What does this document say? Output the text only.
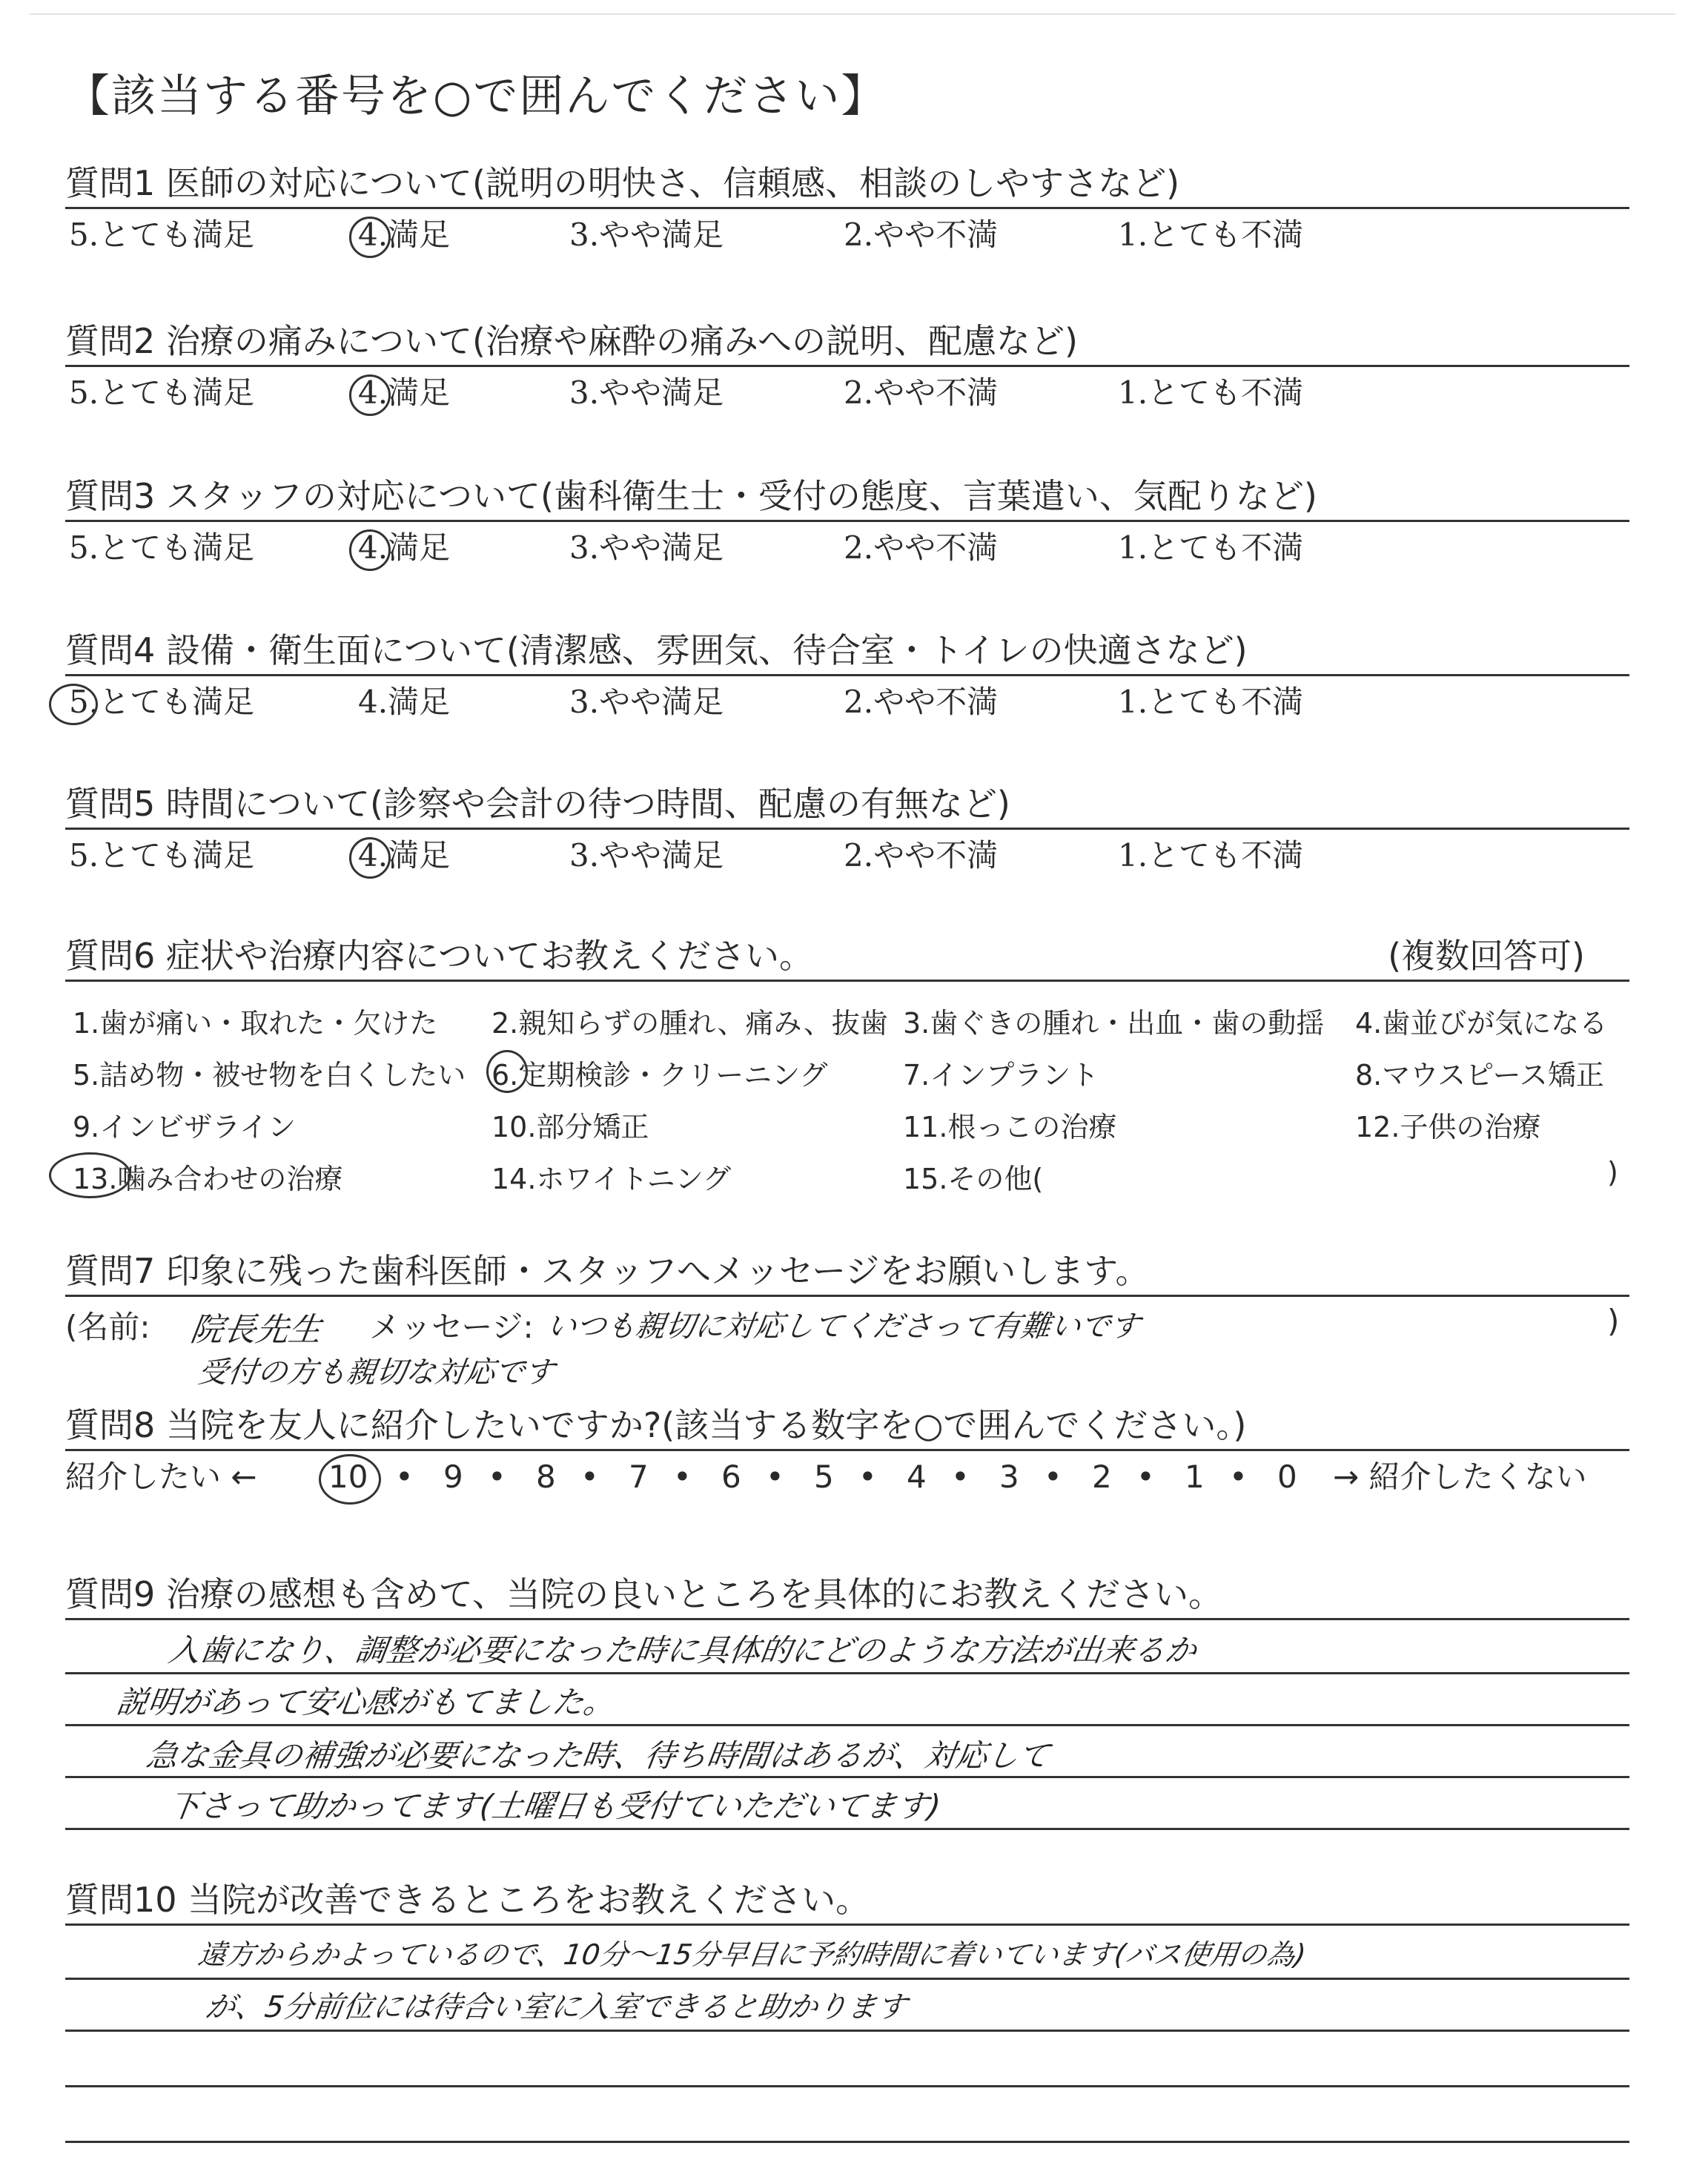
【該当する番号を○で囲んでください】
質問1 医師の対応について(説明の明快さ、信頼感、相談のしやすさなど)
5.とても満足	4.満足	3.やや満足	2.やや不満	1.とても不満
質問2 治療の痛みについて(治療や麻酔の痛みへの説明、配慮など)
5.とても満足	4.満足	3.やや満足	2.やや不満	1.とても不満
質問3 スタッフの対応について(歯科衛生士・受付の態度、言葉遣い、気配りなど)
5.とても満足	4.満足	3.やや満足	2.やや不満	1.とても不満
質問4 設備・衛生面について(清潔感、雰囲気、待合室・トイレの快適さなど)
5.とても満足	4.満足	3.やや満足	2.やや不満	1.とても不満
質問5 時間について(診察や会計の待つ時間、配慮の有無など)
5.とても満足	4.満足	3.やや満足	2.やや不満	1.とても不満
質問6 症状や治療内容についてお教えください。	(複数回答可)
1.歯が痛い・取れた・欠けた 2.親知らずの腫れ、痛み、抜歯 3.歯ぐきの腫れ・出血・歯の動揺 4.歯並びが気になる
5.詰め物・被せ物を白くしたい 6.定期検診・クリーニング	7.インプラント	8.マウスピース矯正
9.インビザライン	10.部分矯正	11.根っこの治療	12.子供の治療
13.噛み合わせの治療	14.ホワイトニング	15.その他(	)
質問7 印象に残った歯科医師・スタッフへメッセージをお願いします。
(名前: 院長先生 メッセージ: いつも親切に対応してくださって有難いです	)
受付の方も親切な対応です
質問8 当院を友人に紹介したいですか?(該当する数字を○で囲んでください。)
紹介したい ← 10 • 9 • 8 • 7 • 6 • 5 • 4 • 3 • 2 • 1 • 0 → 紹介したくない
質問9 治療の感想も含めて、当院の良いところを具体的にお教えください。
入歯になり、調整が必要になった時に具体的にどのような方法が出来るか
説明があって安心感がもてました。
急な金具の補強が必要になった時、待ち時間はあるが、対応して
下さって助かってます(土曜日も受付ていただいてます)
質問10 当院が改善できるところをお教えください。
遠方からかよっているので、10分〜15分早目に予約時間に着いています(バス使用の為)
が、5分前位には待合い室に入室できると助かります
